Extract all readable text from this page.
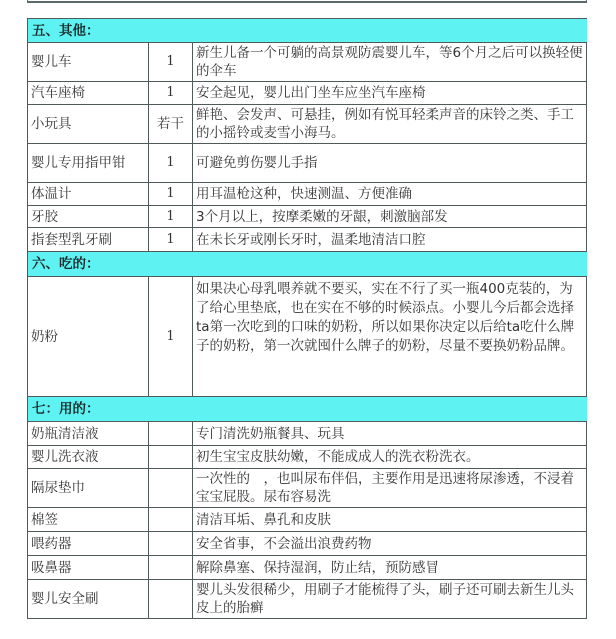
五、其他：		
婴儿车	1	新生儿备一个可躺的高景观防震婴儿车，等6个月之后可以换轻便的伞车
汽车座椅	1	安全起见，婴儿出门坐车应坐汽车座椅
小玩具	若干	鲜艳、会发声、可悬挂，例如有悦耳轻柔声音的床铃之类、手工的小摇铃或麦雪小海马。
婴儿专用指甲钳	1	可避免剪伤婴儿手指
体温计	1	用耳温枪这种，快速测温、方便准确
牙胶	1	3个月以上，按摩柔嫩的牙龈，刺激脑部发
指套型乳牙刷	1	在未长牙或刚长牙时，温柔地清洁口腔
六、吃的：		
奶粉	1	如果决心母乳喂养就不要买，实在不行了买一瓶400克装的，为了给心里垫底，也在实在不够的时候添点。小婴儿今后都会选择ta第一次吃到的口味的奶粉，所以如果你决定以后给ta吃什么牌子的奶粉，第一次就囤什么牌子的奶粉，尽量不要换奶粉品牌。
七：用的：		
奶瓶清洁液		专门清洗奶瓶餐具、玩具
婴儿洗衣液		初生宝宝皮肤幼嫩，不能成成人的洗衣粉洗衣。
隔尿垫巾		一次性的　，也叫尿布伴侣，主要作用是迅速将尿渗透，不浸着宝宝屁股。尿布容易洗
棉签		清洁耳垢、鼻孔和皮肤
喂药器		安全省事，不会溢出浪费药物
吸鼻器		解除鼻塞、保持湿润，防止结，预防感冒
婴儿安全刷		婴儿头发很稀少，用刷子才能梳得了头，刷子还可刷去新生儿头皮上的胎癣
